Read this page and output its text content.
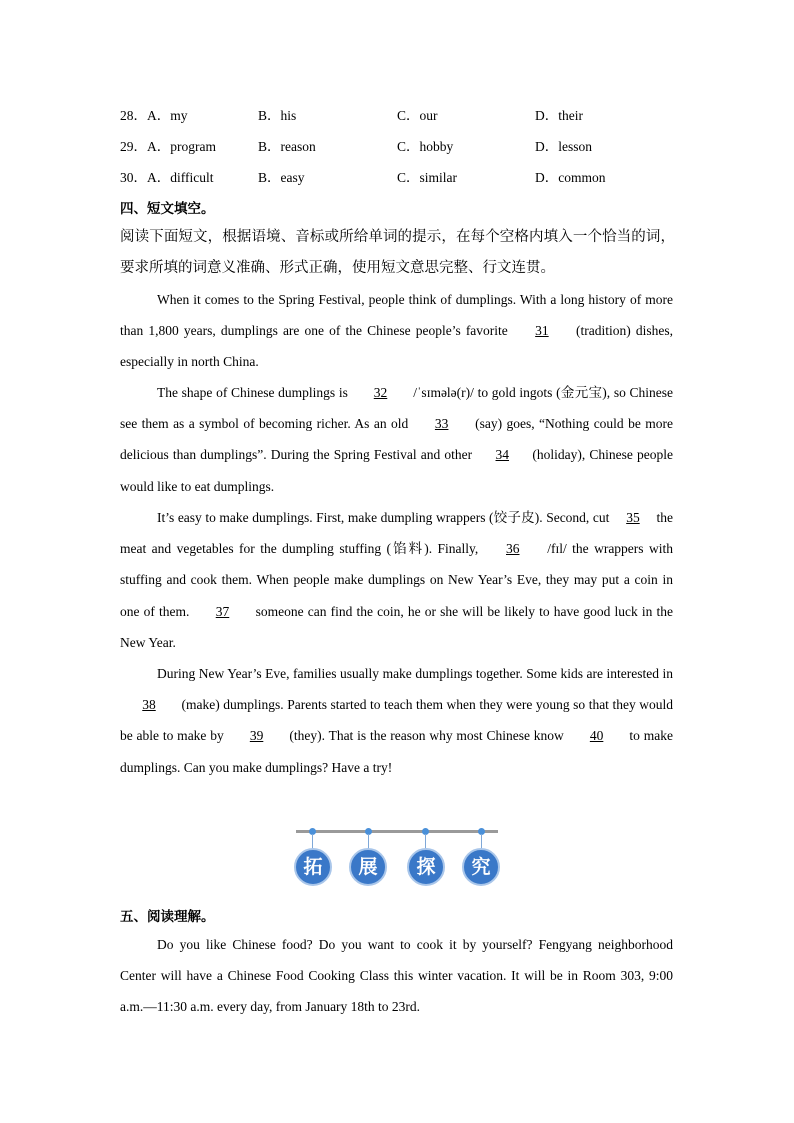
28．A．my	B．his	C．our	D．their
29．A．program	B．reason	C．hobby	D．lesson
30．A．difficult	B．easy	C．similar	D．common
四、短文填空。
阅读下面短文，根据语境、音标或所给单词的提示，在每个空格内填入一个恰当的词，要求所填的词意义准确、形式正确，使用短文意思完整、行文连贯。
When it comes to the Spring Festival, people think of dumplings. With a long history of more than 1,800 years, dumplings are one of the Chinese people’s favorite 31 (tradition) dishes, especially in north China.
The shape of Chinese dumplings is 32 /ˈsɪmələ(r)/ to gold ingots (金元宝), so Chinese see them as a symbol of becoming richer. As an old 33 (say) goes, “Nothing could be more delicious than dumplings”. During the Spring Festival and other 34 (holiday), Chinese people would like to eat dumplings.
It’s easy to make dumplings. First, make dumpling wrappers (饺子皮). Second, cut 35 the meat and vegetables for the dumpling stuffing (馅料). Finally, 36 /fɪl/ the wrappers with stuffing and cook them. When people make dumplings on New Year’s Eve, they may put a coin in one of them. 37 someone can find the coin, he or she will be likely to have good luck in the New Year.
During New Year’s Eve, families usually make dumplings together. Some kids are interested in 38 (make) dumplings. Parents started to teach them when they were young so that they would be able to make by 39 (they). That is the reason why most Chinese know 40 to make dumplings. Can you make dumplings? Have a try!
五、阅读理解。
Do you like Chinese food? Do you want to cook it by yourself? Fengyang neighborhood Center will have a Chinese Food Cooking Class this winter vacation. It will be in Room 303, 9:00 a.m.—11:30 a.m. every day, from January 18th to 23rd.
拓	展	探	究
